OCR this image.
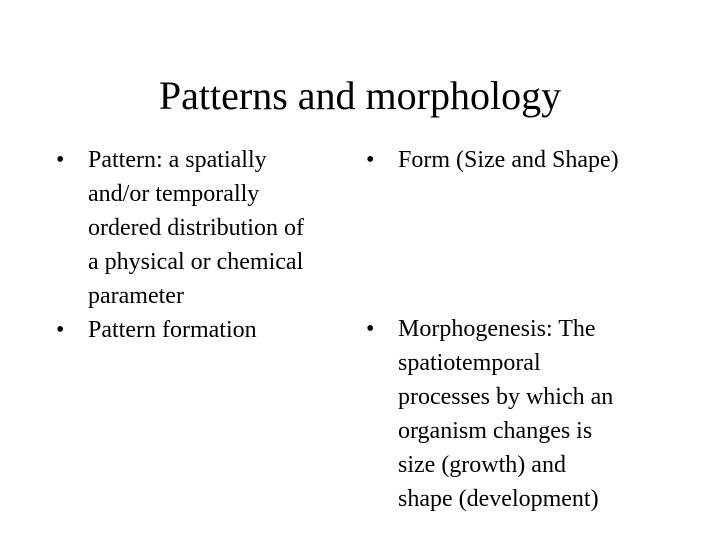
Patterns and morphology
• Pattern: a spatially
and/or temporally
ordered distribution of
a physical or chemical
parameter
• Pattern formation
• Form (Size and Shape)
• Morphogenesis: The
spatiotemporal
processes by which an
organism changes is
size (growth) and
shape (development)
